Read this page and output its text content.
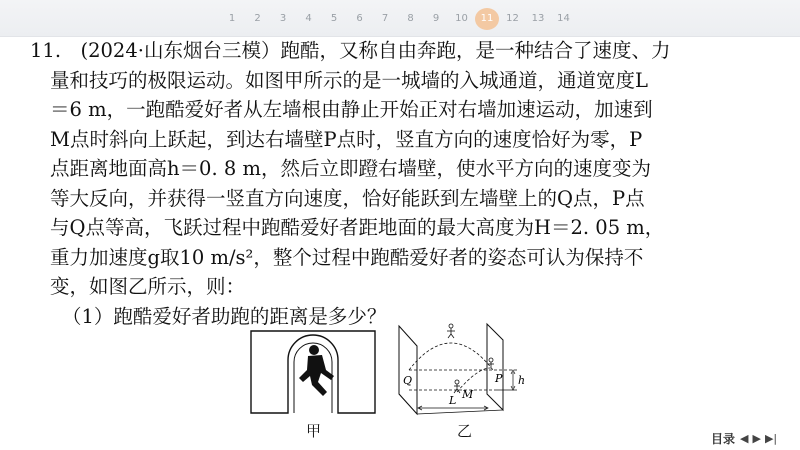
1	2	3	4	5	6	7	8	9	10	11	12	13	14
11.　(2024·山东烟台三模）跑酷，又称自由奔跑，是一种结合了速度、力
量和技巧的极限运动。如图甲所示的是一城墙的入城通道，通道宽度L
＝6 m，一跑酷爱好者从左墙根由静止开始正对右墙加速运动，加速到
M点时斜向上跃起，到达右墙壁P点时，竖直方向的速度恰好为零，P
点距离地面高h＝0. 8 m，然后立即蹬右墙壁，使水平方向的速度变为
等大反向，并获得一竖直方向速度，恰好能跃到左墙壁上的Q点，P点
与Q点等高，飞跃过程中跑酷爱好者距地面的最大高度为H＝2. 05 m，
重力加速度g取10 m/s²，整个过程中跑酷爱好者的姿态可认为保持不
变，如图乙所示，则：
（1）跑酷爱好者助跑的距离是多少？
甲
Q	P
M
L
h
乙	目录 ◀ ▶ ▶|
